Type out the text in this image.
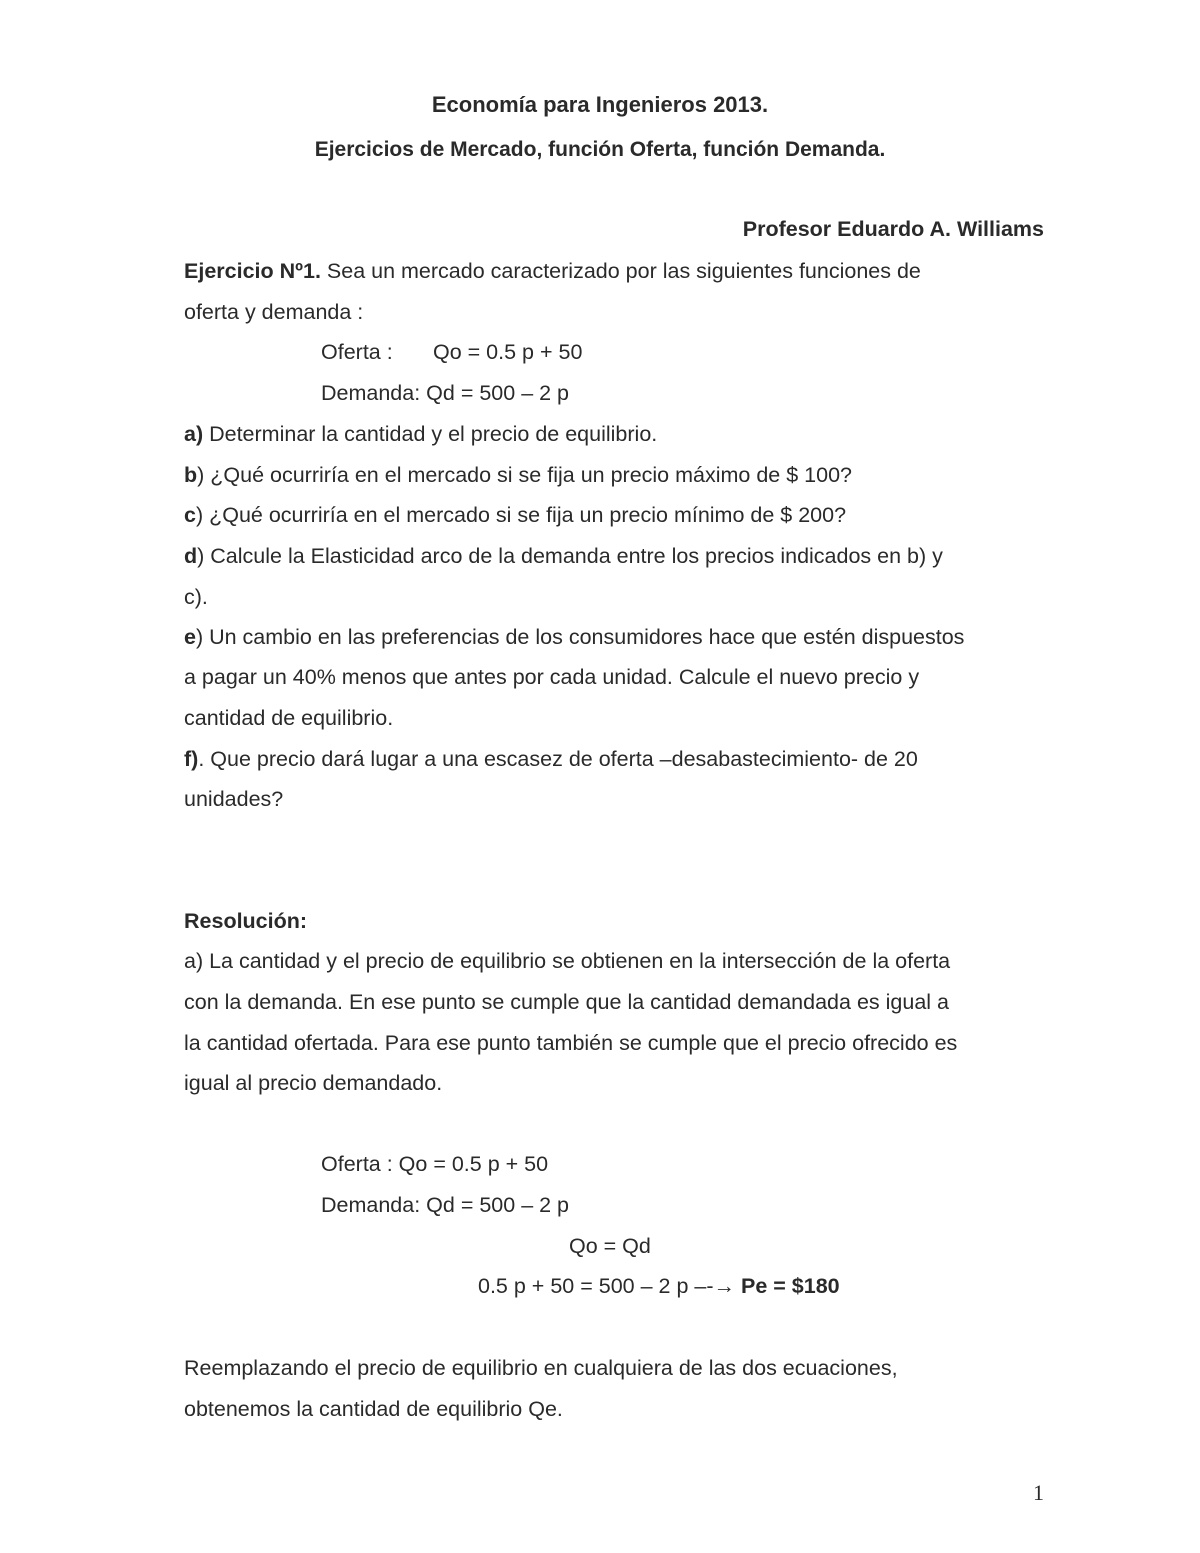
Economía para Ingenieros 2013.
Ejercicios de Mercado, función Oferta, función Demanda.
Profesor Eduardo A. Williams
Ejercicio Nº1. Sea un mercado caracterizado por las siguientes funciones de
oferta y demanda :
Oferta : Qo = 0.5 p + 50
Demanda: Qd = 500 – 2 p
a) Determinar la cantidad y el precio de equilibrio.
b) ¿Qué ocurriría en el mercado si se fija un precio máximo de $ 100?
c) ¿Qué ocurriría en el mercado si se fija un precio mínimo de $ 200?
d) Calcule la Elasticidad arco de la demanda entre los precios indicados en b) y
c).
e) Un cambio en las preferencias de los consumidores hace que estén dispuestos
a pagar un 40% menos que antes por cada unidad. Calcule el nuevo precio y
cantidad de equilibrio.
f). Que precio dará lugar a una escasez de oferta –desabastecimiento- de 20
unidades?
Resolución:
a) La cantidad y el precio de equilibrio se obtienen en la intersección de la oferta
con la demanda. En ese punto se cumple que la cantidad demandada es igual a
la cantidad ofertada. Para ese punto también se cumple que el precio ofrecido es
igual al precio demandado.
Oferta : Qo = 0.5 p + 50
Demanda: Qd = 500 – 2 p
Qo = Qd
0.5 p + 50 = 500 – 2 p –-→ Pe = $180
Reemplazando el precio de equilibrio en cualquiera de las dos ecuaciones,
obtenemos la cantidad de equilibrio Qe.
1
